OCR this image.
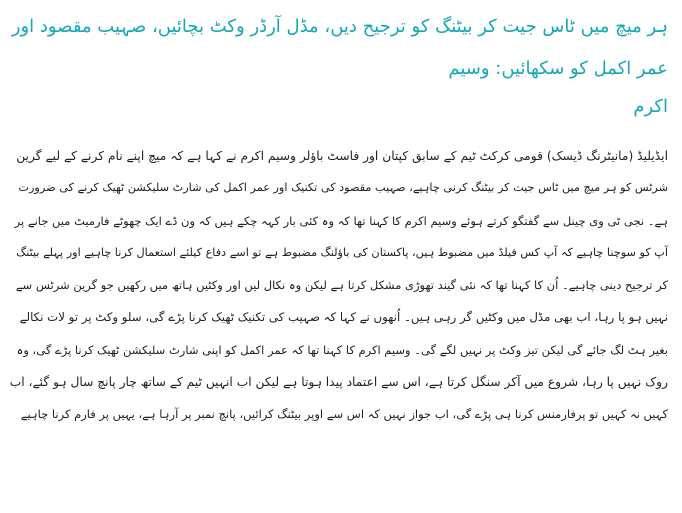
ہر میچ میں ٹاس جیت کر بیٹنگ کو ترجیح دیں، مڈل آرڈر وکٹ بچائیں، صہیب مقصود اور عمر اکمل کو سکھائیں: وسیم

اکرم

ایڈیلیڈ (مانیٹرنگ ڈیسک) قومی کرکٹ ٹیم کے سابق کپتان اور فاسٹ باؤلر وسیم اکرم نے کہا ہے کہ میچ اپنے نام کرنے کے لیے گرین

شرٹس کو ہر میچ میں ٹاس جیت کر بیٹنگ کرنی چاہیے، صہیب مقصود کی تکنیک اور عمر اکمل کی شارٹ سلیکشن ٹھیک کرنے کی ضرورت

ہے۔ نجی ٹی وی چینل سے گفتگو کرتے ہوئے وسیم اکرم کا کہنا تھا کہ وہ کئی بار کہہ چکے ہیں کہ ون ڈے ایک چھوٹے فارمیٹ میں جانے پر

آپ کو سوچنا چاہیے کہ آپ کس فیلڈ میں مضبوط ہیں، پاکستان کی باؤلنگ مضبوط ہے تو اسے دفاع کیلئے استعمال کرنا چاہیے اور پہلے بیٹنگ

کر ترجیح دینی چاہیے۔ اُن کا کہنا تھا کہ نئی گیند تھوڑی مشکل کرتا ہے لیکن وہ نکال لیں اور وکٹیں ہاتھ میں رکھیں جو گرین شرٹس سے

نہیں ہو پا رہا، اب بھی مڈل میں وکٹیں گر رہی ہیں۔ اُنھوں نے کہا کہ صہیب کی تکنیک ٹھیک کرنا پڑے گی، سلو وکٹ پر تو لات نکالے

بغیر ہٹ لگ جائے گی لیکن تیز وکٹ پر نہیں لگے گی۔ وسیم اکرم کا کہنا تھا کہ عمر اکمل کو اپنی شارٹ سلیکشن ٹھیک کرنا پڑے گی، وہ

روک نہیں پا رہا، شروع میں آکر سنگل کرتا ہے، اس سے اعتماد پیدا ہوتا ہے لیکن اب انہیں ٹیم کے ساتھ چار پانچ سال ہو گئے، اب

کہیں نہ کہیں تو پرفارمنس کرنا ہی پڑے گی، اب جواز نہیں کہ اس سے اوپر بیٹنگ کرائیں، پانچ نمبر پر آرہا ہے، یہیں پر فارم کرنا چاہیے
